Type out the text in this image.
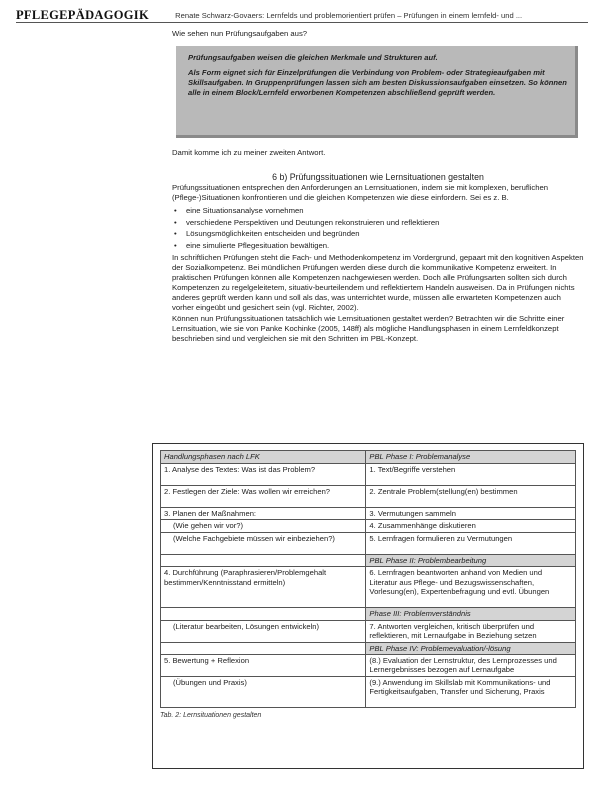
PFLEGEPÄDAGOGIK	Renate Schwarz-Govaers: Lernfelds und problemorientiert prüfen – Prüfungen in einem lernfeld- und ...

Wie sehen nun Prüfungsaufgaben aus?

Prüfungsaufgaben weisen die gleichen Merkmale und Strukturen auf.

Als Form eignet sich für Einzelprüfungen die Verbindung von Problem- oder Strategieaufgaben mit Skillsaufgaben. In Gruppenprüfungen lassen sich am besten Diskussionsaufgaben einsetzen. So können alle in einem Block/Lernfeld erworbenen Kompetenzen abschließend geprüft werden.

Damit komme ich zu meiner zweiten Antwort.

6 b) Prüfungssituationen wie Lernsituationen gestalten

Prüfungssituationen entsprechen den Anforderungen an Lernsituationen, indem sie mit komplexen, beruflichen (Pflege-)Situationen konfrontieren und die gleichen Kompetenzen wie diese einfordern. Sei es z. B.

• eine Situationsanalyse vornehmen
• verschiedene Perspektiven und Deutungen rekonstruieren und reflektieren
• Lösungsmöglichkeiten entscheiden und begründen
• eine simulierte Pflegesituation bewältigen.

In schriftlichen Prüfungen steht die Fach- und Methodenkompetenz im Vordergrund, gepaart mit den kognitiven Aspekten der Sozialkompetenz. Bei mündlichen Prüfungen werden diese durch die kommunikative Kompetenz erweitert. In praktischen Prüfungen können alle Kompetenzen nachgewiesen werden. Doch alle Prüfungsarten sollten sich durch Kompetenzen zu regelgeleitetem, situativ-beurteilendem und reflektiertem Handeln ausweisen. Da in Prüfungen nichts anderes geprüft werden kann und soll als das, was unterrichtet wurde, müssen alle erwarteten Kompetenzen auch vorher eingeübt und gesichert sein (vgl. Richter, 2002).

Können nun Prüfungssituationen tatsächlich wie Lernsituationen gestaltet werden? Betrachten wir die Schritte einer Lernsituation, wie sie von Panke Kochinke (2005, 148ff) als mögliche Handlungsphasen in einem Lernfeldkonzept beschrieben sind und vergleichen sie mit den Schritten im PBL-Konzept.

Handlungsphasen nach LFK	PBL Phase I: Problemanalyse
1. Analyse des Textes: Was ist das Problem?	1. Text/Begriffe verstehen
2. Festlegen der Ziele: Was wollen wir erreichen?	2. Zentrale Problem(stellung(en) bestimmen
3. Planen der Maßnahmen:	3. Vermutungen sammeln
(Wie gehen wir vor?)	4. Zusammenhänge diskutieren
(Welche Fachgebiete müssen wir einbeziehen?)	5. Lernfragen formulieren zu Vermutungen
	PBL Phase II: Problembearbeitung
4. Durchführung (Paraphrasieren/Problemgehalt bestimmen/Kenntnisstand ermitteln)	6. Lernfragen beantworten anhand von Medien und Literatur aus Pflege- und Bezugswissenschaften, Vorlesung(en), Expertenbefragung und evtl. Übungen
	Phase III: Problemverständnis
(Literatur bearbeiten, Lösungen entwickeln)	7. Antworten vergleichen, kritisch überprüfen und reflektieren, mit Lernaufgabe in Beziehung setzen
	PBL Phase IV: Problemevaluation/-lösung
5. Bewertung + Reflexion	(8.) Evaluation der Lernstruktur, des Lernprozesses und Lernergebnisses bezogen auf Lernaufgabe
(Übungen und Praxis)	(9.) Anwendung im Skillslab mit Kommunikations- und Fertigkeitsaufgaben, Transfer und Sicherung, Praxis
Tab. 2: Lernsituationen gestalten
